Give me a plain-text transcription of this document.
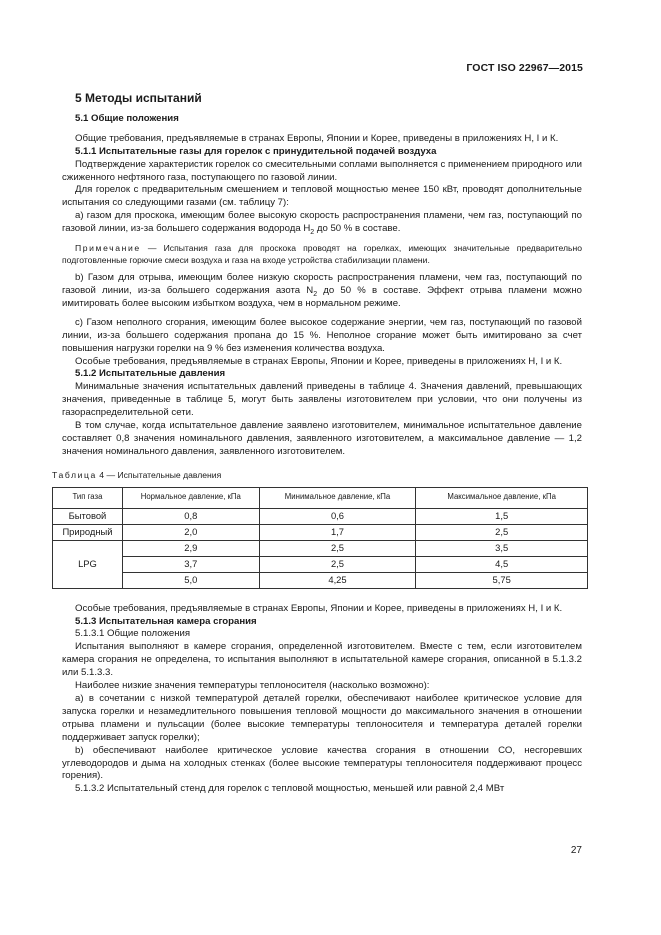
ГОСТ ISO 22967—2015
5 Методы испытаний
5.1 Общие положения

Общие требования, предъявляемые в странах Европы, Японии и Корее, приведены в приложениях Н, I и К.

5.1.1 Испытательные газы для горелок с принудительной подачей воздуха

Подтверждение характеристик горелок со смесительными соплами выполняется с применением природного или сжиженного нефтяного газа, поступающего по газовой линии.

Для горелок с предварительным смешением и тепловой мощностью менее 150 кВт, проводят дополнительные испытания со следующими газами (см. таблицу 7):

а) газом для проскока, имеющим более высокую скорость распространения пламени, чем газ, поступающий по газовой линии, из-за большего содержания водорода $H_2$ до 50 % в составе.

Примечание — Испытания газа для проскока проводят на горелках, имеющих значительные предварительно подготовленные горючие смеси воздуха и газа на входе устройства стабилизации пламени.

b) Газом для отрыва, имеющим более низкую скорость распространения пламени, чем газ, поступающий по газовой линии, из-за большего содержания азота $N_2$ до 50 % в составе. Эффект отрыва пламени можно имитировать более высоким избытком воздуха, чем в нормальном режиме.

с) Газом неполного сгорания, имеющим более высокое содержание энергии, чем газ, поступающий по газовой линии, из-за большего содержания пропана до 15 %. Неполное сгорание может быть имитировано за счет повышения нагрузки горелки на 9 % без изменения количества воздуха.

Особые требования, предъявляемые в странах Европы, Японии и Корее, приведены в приложениях Н, I и К.

5.1.2 Испытательные давления

Минимальные значения испытательных давлений приведены в таблице 4. Значения давлений, превышающих значения, приведенные в таблице 5, могут быть заявлены изготовителем при условии, что они получены из газораспределительной сети.

В том случае, когда испытательное давление заявлено изготовителем, минимальное испытательное давление составляет 0,8 значения номинального давления, заявленного изготовителем, а максимальное давление — 1,2 значения номинального давления, заявленного изготовителем.

Таблица 4 — Испытательные давления
Тип газа	Нормальное давление, кПа	Минимальное давление, кПа	Максимальное давление, кПа
Бытовой	0,8	0,6	1,5
Природный	2,0	1,7	2,5
LPG	2,9	2,5	3,5
	3,7	2,5	4,5
	5,0	4,25	5,75

Особые требования, предъявляемые в странах Европы, Японии и Корее, приведены в приложениях Н, I и К.

5.1.3 Испытательная камера сгорания
5.1.3.1 Общие положения

Испытания выполняют в камере сгорания, определенной изготовителем. Вместе с тем, если изготовителем камера сгорания не определена, то испытания выполняют в испытательной камере сгорания, описанной в 5.1.3.2 или 5.1.3.3.

Наиболее низкие значения температуры теплоносителя (насколько возможно):

а) в сочетании с низкой температурой деталей горелки, обеспечивают наиболее критическое условие для запуска горелки и незамедлительного повышения тепловой мощности до максимального значения в отношении отрыва пламени и пульсации (более высокие температуры теплоносителя и температура деталей горелки поддерживает запуск горелки);

b) обеспечивают наиболее критическое условие качества сгорания в отношении СО, несгоревших углеводородов и дыма на холодных стенках (более высокие температуры теплоносителя поддерживают процесс горения).

5.1.3.2 Испытательный стенд для горелок с тепловой мощностью, меньшей или равной 2,4 МВт

27
